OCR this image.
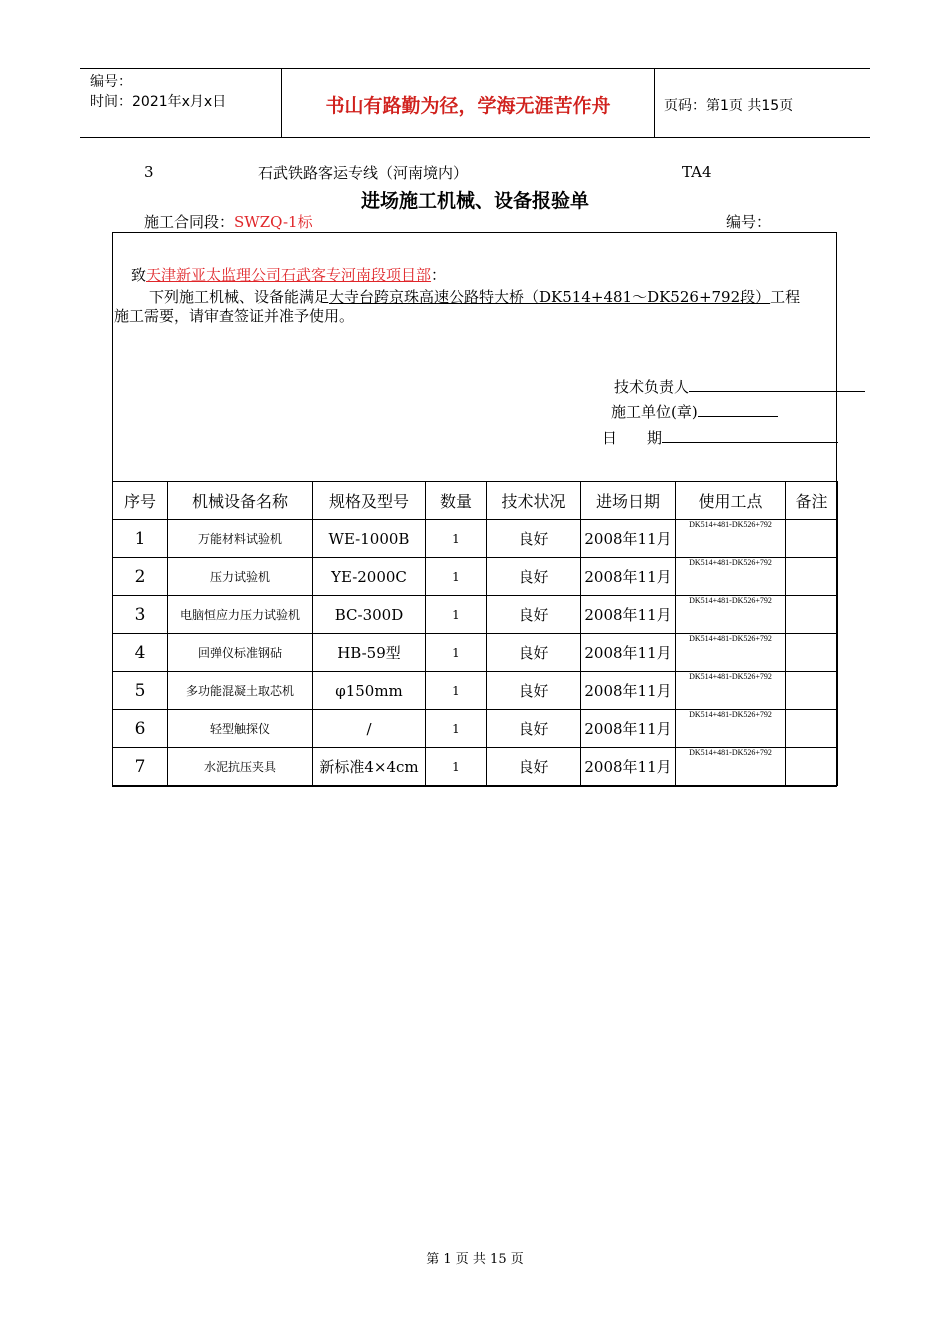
编号：
时间：2021年x月x日	书山有路勤为径，学海无涯苦作舟	页码：第1页 共15页
3	石武铁路客运专线（河南境内）	TA4
进场施工机械、设备报验单
施工合同段：SWZQ-1标	编号：
致天津新亚太监理公司石武客专河南段项目部：
下列施工机械、设备能满足大寺台跨京珠高速公路特大桥（DK514+481～DK526+792段）工程
施工需要，请审查签证并准予使用。
技术负责人
施工单位(章)
日　　期
序号	机械设备名称	规格及型号	数量	技术状况	进场日期	使用工点	备注
1	万能材料试验机	WE-1000B	1	良好	2008年11月	DK514+481-DK526+792	
2	压力试验机	YE-2000C	1	良好	2008年11月	DK514+481-DK526+792	
3	电脑恒应力压力试验机	BC-300D	1	良好	2008年11月	DK514+481-DK526+792	
4	回弹仪标准钢砧	HB-59型	1	良好	2008年11月	DK514+481-DK526+792	
5	多功能混凝土取芯机	φ150mm	1	良好	2008年11月	DK514+481-DK526+792	
6	轻型触探仪	/	1	良好	2008年11月	DK514+481-DK526+792	
7	水泥抗压夹具	新标准4×4cm	1	良好	2008年11月	DK514+481-DK526+792	
第 1 页 共 15 页
